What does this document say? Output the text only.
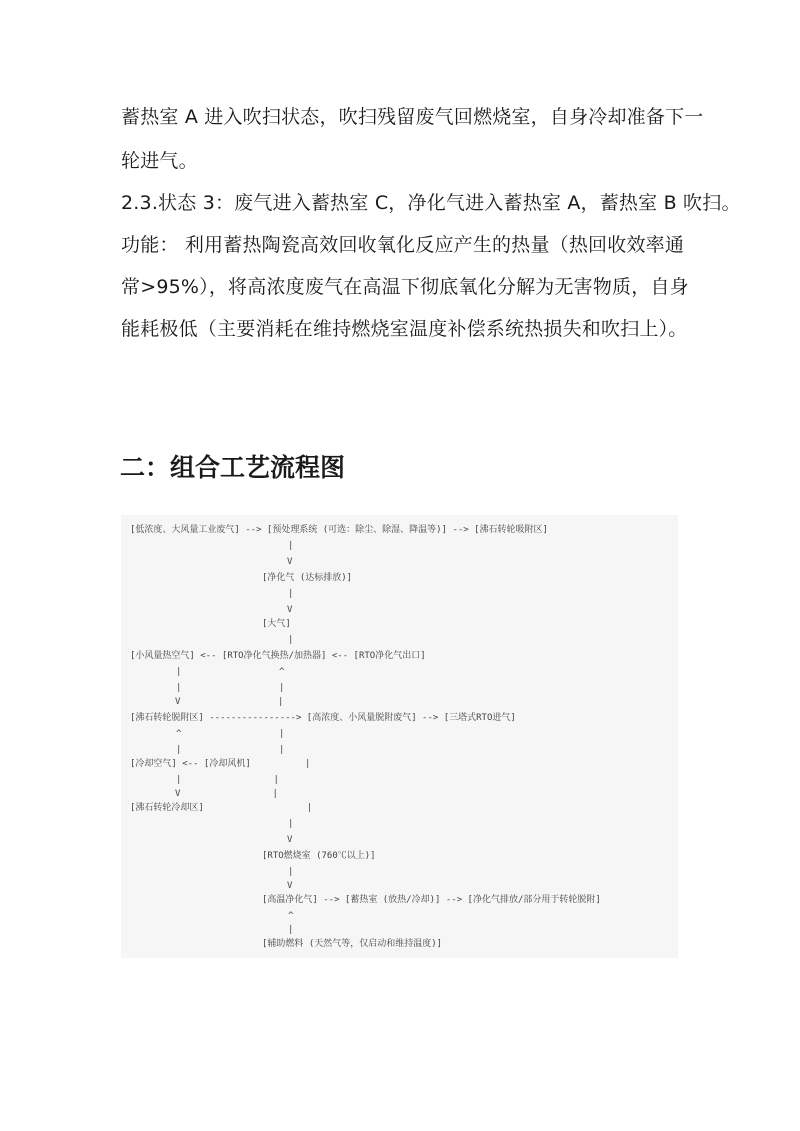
蓄热室 A 进入吹扫状态，吹扫残留废气回燃烧室，自身冷却准备下一

轮进气。

2.3.状态 3：废气进入蓄热室 C，净化气进入蓄热室 A，蓄热室 B 吹扫。

功能： 利用蓄热陶瓷高效回收氧化反应产生的热量（热回收效率通

常>95%），将高浓度废气在高温下彻底氧化分解为无害物质，自身

能耗极低（主要消耗在维持燃烧室温度补偿系统热损失和吹扫上）。

二：组合工艺流程图
[低浓度、大风量工业废气] --> [预处理系统 (可选：除尘、除湿、降温等)] --> [沸石转轮吸附区]
|
V
[净化气 (达标排放)]
|
V
[大气]
|
[小风量热空气] <-- [RTO净化气换热/加热器] <-- [RTO净化气出口]
|                  ^
|                  |
V                  |
[沸石转轮脱附区] ----------------> [高浓度、小风量脱附废气] --> [三塔式RTO进气]
^                  |
|                  |
[冷却空气] <-- [冷却风机]          |
|                 |
V                 |
[沸石转轮冷却区]                   |
|
V
[RTO燃烧室 (760℃以上)]
|
V
[高温净化气] --> [蓄热室 (放热/冷却)] --> [净化气排放/部分用于转轮脱附]
^
|
[辅助燃料 (天然气等，仅启动和维持温度)]
